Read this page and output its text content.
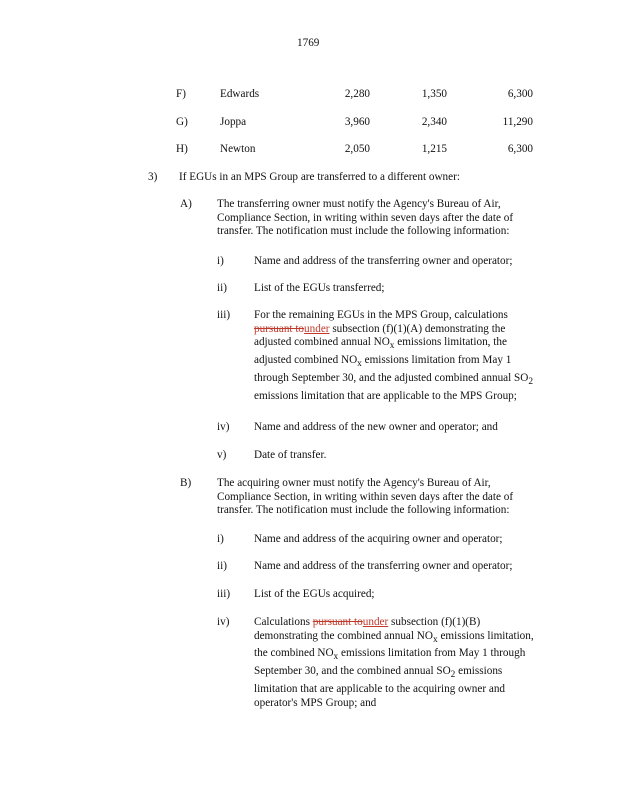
1769
F)	Edwards	2,280	1,350	6,300
G)	Joppa	3,960	2,340	11,290
H)	Newton	2,050	1,215	6,300
3) If EGUs in an MPS Group are transferred to a different owner:
A) The transferring owner must notify the Agency's Bureau of Air, Compliance Section, in writing within seven days after the date of transfer. The notification must include the following information:
i)	Name and address of the transferring owner and operator;
ii) List of the EGUs transferred;
iii) For the remaining EGUs in the MPS Group, calculations pursuant tounder subsection (f)(1)(A) demonstrating the adjusted combined annual $NO_x$ emissions limitation, the adjusted combined $NO_x$ emissions limitation from May 1 through September 30, and the adjusted combined annual $SO_2$ emissions limitation that are applicable to the MPS Group;
iv) Name and address of the new owner and operator; and
v) Date of transfer.
B) The acquiring owner must notify the Agency's Bureau of Air, Compliance Section, in writing within seven days after the date of transfer. The notification must include the following information:
i)	Name and address of the acquiring owner and operator;
ii) Name and address of the transferring owner and operator;
iii) List of the EGUs acquired;
iv) Calculations pursuant tounder subsection (f)(1)(B) demonstrating the combined annual $NO_x$ emissions limitation, the combined $NO_x$ emissions limitation from May 1 through September 30, and the combined annual $SO_2$ emissions limitation that are applicable to the acquiring owner and operator's MPS Group; and
